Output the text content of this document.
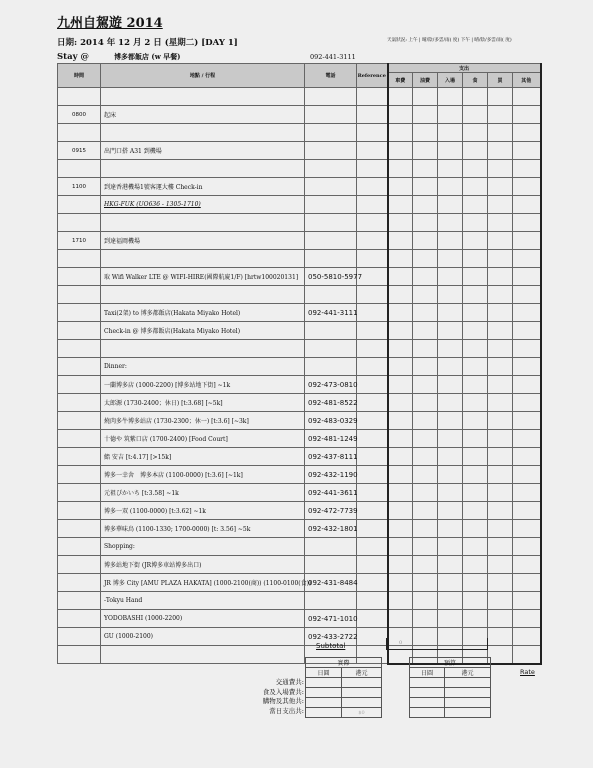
九州自駕遊 2014
日期: 2014 年 12 月 2 日 (星期二) [DAY 1]	天氣狀況: 上午 | 晴/陰/多雲/雨( 度) 下午 | 晴/陰/多雲/雨( 度)
Stay @	博多都飯店 (w 早餐)	092-441-3111
時間	地點 / 行程	電話	Reference	支出					
				車費	油費	入場	食	買	其他

0800	起床								

0915	出門口搭 A31 到機場								

1100	到達香港機場1號客運大樓 Check-in								
	HKG-FUK (UO636 - 1305-1710)								

1710	到達福岡機場								

	取 Wifi Walker LTE @ WIFI-HIRE(國際航廈1/F) [hrtw100020131]	050-5810-5977							

	Taxi(2架) to 博多都飯店(Hakata Miyako Hotel)	092-441-3111							
	Check-in @ 博多都飯店(Hakata Miyako Hotel)								

	Dinner:								
	一蘭博多店 (1000-2200) [博多站地下街] ~1k	092-473-0810							
	太郎源 (1730-2400；休日) [t:3.68] [~5k]	092-481-8522							
	燒肉多牛博多站店 (1730-2300；休一) [t:3.6] [~3k]	092-483-0329							
	十德や 筑紫口店 (1700-2400) [Food Court]	092-481-1249							
	鮨 安吉 [t:4.17] [>15k]	092-437-8111							
	博多一幸舍　博多本店 (1100-0000) [t:3.6] [~1k]	092-432-1190							
	元祖ぴかいち [t:3.58] ~1k	092-441-3611							
	博多一双 (1100-0000) [t:3.62] ~1k	092-472-7739							
	博多華味鳥 (1100-1330; 1700-0000) [t: 3.56] ~5k	092-432-1801							
	Shopping:								
	博多站地下街 (JR博多車站博多出口)								
	JR 博多 City [AMU PLAZA HAKATA] (1000-2100(商)) (1100-0100(食))	092-431-8484							
	-Tokyu Hand								
	YODOBASHI (1000-2200)	092-471-1010							
	GU (1000-2100)	092-433-2722							

Subtotal	0
實際			預算	
日圓	港元		日圓	港元

	$0			
Rate
交通費共:
食及入場費共:
購物及其他共:
當日支出共:
